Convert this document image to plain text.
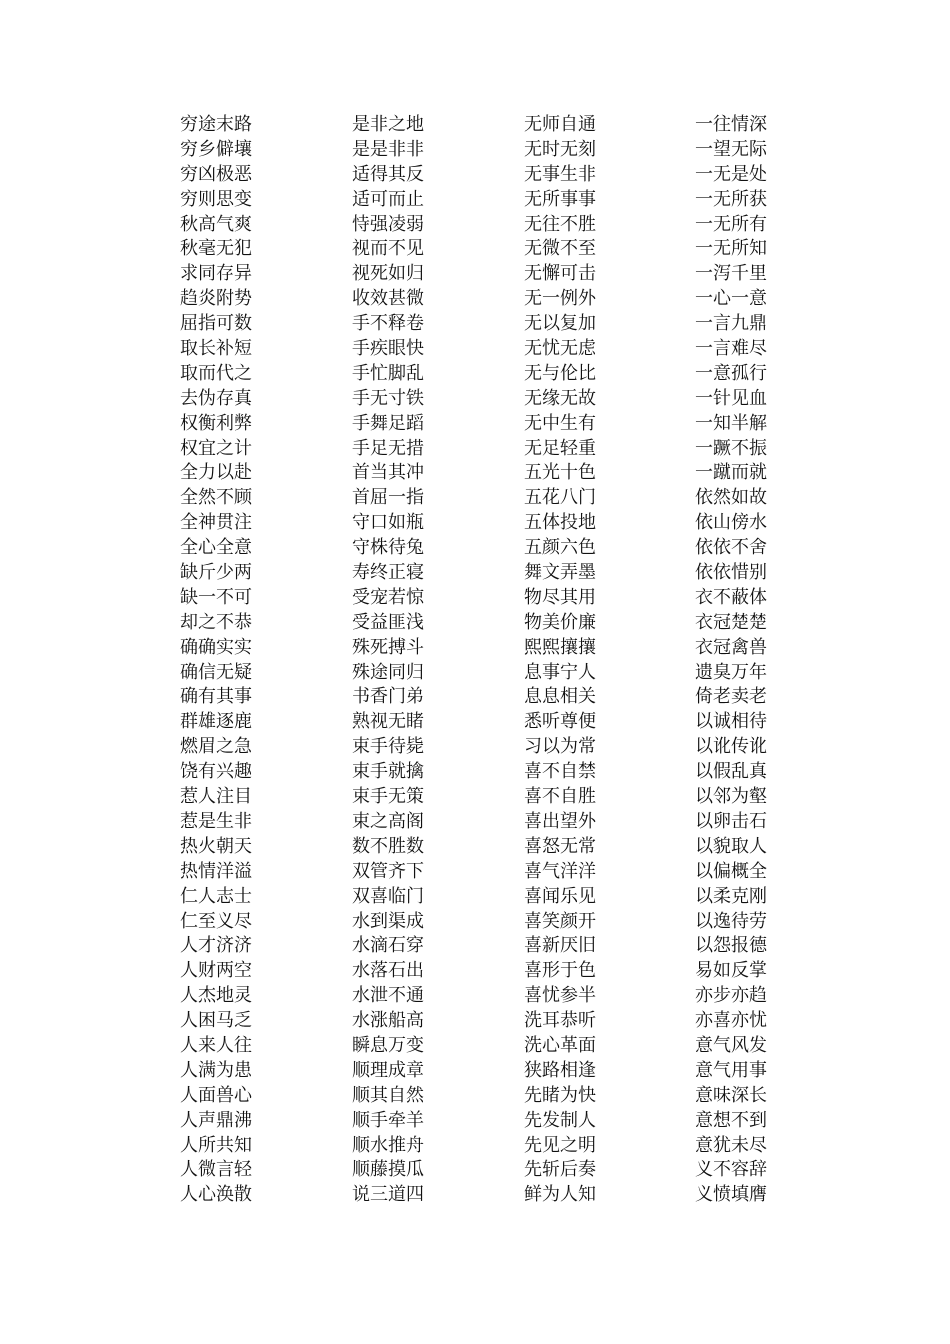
穷途末路
穷乡僻壤
穷凶极恶
穷则思变
秋高气爽
秋毫无犯
求同存异
趋炎附势
屈指可数
取长补短
取而代之
去伪存真
权衡利弊
权宜之计
全力以赴
全然不顾
全神贯注
全心全意
缺斤少两
缺一不可
却之不恭
确确实实
确信无疑
确有其事
群雄逐鹿
燃眉之急
饶有兴趣
惹人注目
惹是生非
热火朝天
热情洋溢
仁人志士
仁至义尽
人才济济
人财两空
人杰地灵
人困马乏
人来人往
人满为患
人面兽心
人声鼎沸
人所共知
人微言轻
人心涣散
是非之地
是是非非
适得其反
适可而止
恃强凌弱
视而不见
视死如归
收效甚微
手不释卷
手疾眼快
手忙脚乱
手无寸铁
手舞足蹈
手足无措
首当其冲
首屈一指
守口如瓶
守株待兔
寿终正寝
受宠若惊
受益匪浅
殊死搏斗
殊途同归
书香门弟
熟视无睹
束手待毙
束手就擒
束手无策
束之高阁
数不胜数
双管齐下
双喜临门
水到渠成
水滴石穿
水落石出
水泄不通
水涨船高
瞬息万变
顺理成章
顺其自然
顺手牵羊
顺水推舟
顺藤摸瓜
说三道四
无师自通
无时无刻
无事生非
无所事事
无往不胜
无微不至
无懈可击
无一例外
无以复加
无忧无虑
无与伦比
无缘无故
无中生有
无足轻重
五光十色
五花八门
五体投地
五颜六色
舞文弄墨
物尽其用
物美价廉
熙熙攘攘
息事宁人
息息相关
悉听尊便
习以为常
喜不自禁
喜不自胜
喜出望外
喜怒无常
喜气洋洋
喜闻乐见
喜笑颜开
喜新厌旧
喜形于色
喜忧参半
洗耳恭听
洗心革面
狭路相逢
先睹为快
先发制人
先见之明
先斩后奏
鲜为人知
一往情深
一望无际
一无是处
一无所获
一无所有
一无所知
一泻千里
一心一意
一言九鼎
一言难尽
一意孤行
一针见血
一知半解
一蹶不振
一蹴而就
依然如故
依山傍水
依依不舍
依依惜别
衣不蔽体
衣冠楚楚
衣冠禽兽
遗臭万年
倚老卖老
以诚相待
以讹传讹
以假乱真
以邻为壑
以卵击石
以貌取人
以偏概全
以柔克刚
以逸待劳
以怨报德
易如反掌
亦步亦趋
亦喜亦忧
意气风发
意气用事
意味深长
意想不到
意犹未尽
义不容辞
义愤填膺
